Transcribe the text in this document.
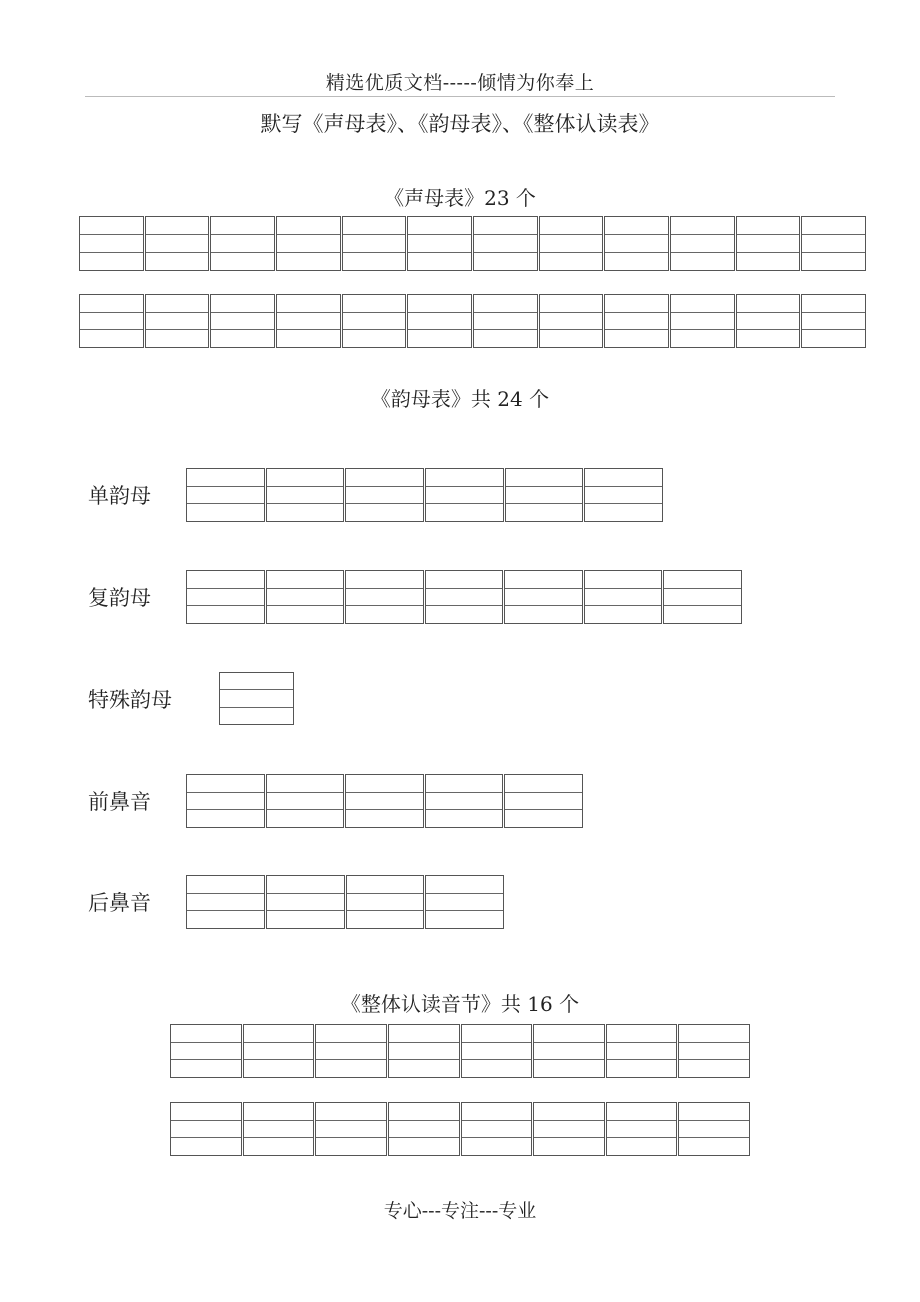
精选优质文档-----倾情为你奉上
默写《声母表》、《韵母表》、《整体认读表》
《声母表》23 个
《韵母表》共 24 个
单韵母
复韵母
特殊韵母
前鼻音
后鼻音
《整体认读音节》共 16 个
专心---专注---专业
